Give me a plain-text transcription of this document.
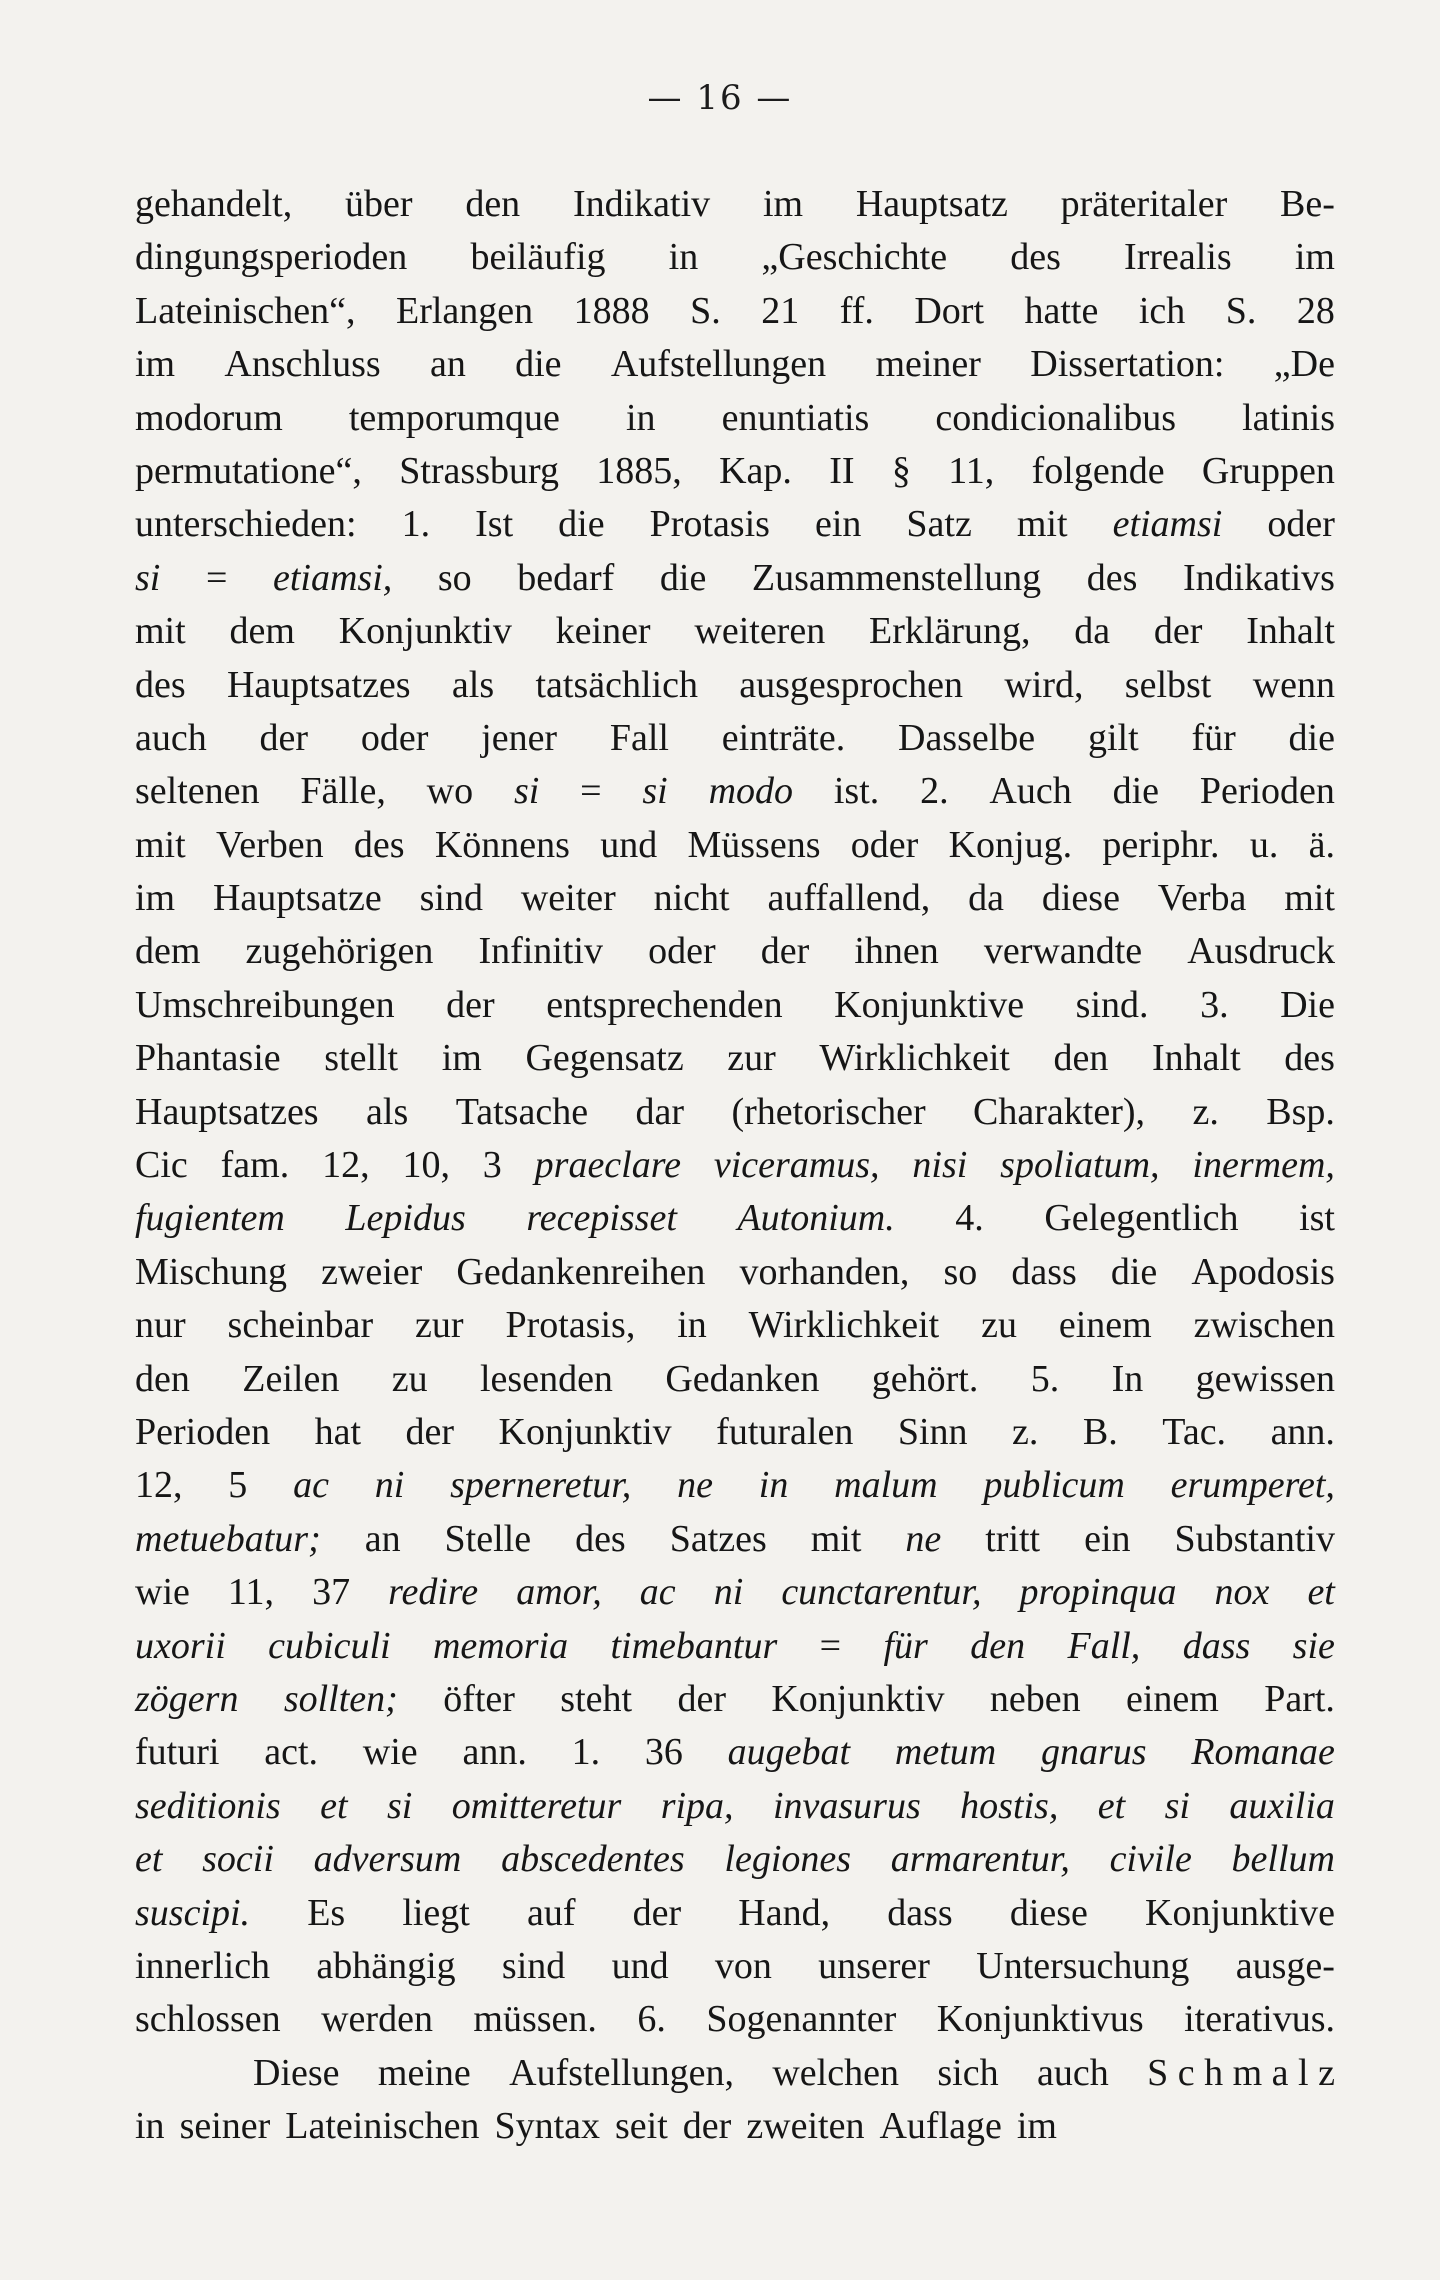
— 16 —
gehandelt, über den Indikativ im Hauptsatz präteritaler Be-
dingungsperioden beiläufig in „Geschichte des Irrealis im
Lateinischen“, Erlangen 1888 S. 21 ff. Dort hatte ich S. 28
im Anschluss an die Aufstellungen meiner Dissertation: „De
modorum temporumque in enuntiatis condicionalibus latinis
permutatione“, Strassburg 1885, Kap. II § 11, folgende Gruppen
unterschieden: 1. Ist die Protasis ein Satz mit etiamsi oder
si = etiamsi, so bedarf die Zusammenstellung des Indikativs
mit dem Konjunktiv keiner weiteren Erklärung, da der Inhalt
des Hauptsatzes als tatsächlich ausgesprochen wird, selbst wenn
auch der oder jener Fall einträte. Dasselbe gilt für die
seltenen Fälle, wo si = si modo ist. 2. Auch die Perioden
mit Verben des Könnens und Müssens oder Konjug. periphr. u. ä.
im Hauptsatze sind weiter nicht auffallend, da diese Verba mit
dem zugehörigen Infinitiv oder der ihnen verwandte Ausdruck
Umschreibungen der entsprechenden Konjunktive sind. 3. Die
Phantasie stellt im Gegensatz zur Wirklichkeit den Inhalt des
Hauptsatzes als Tatsache dar (rhetorischer Charakter), z. Bsp.
Cic fam. 12, 10, 3 praeclare viceramus, nisi spoliatum, inermem,
fugientem Lepidus recepisset Autonium. 4. Gelegentlich ist
Mischung zweier Gedankenreihen vorhanden, so dass die Apodosis
nur scheinbar zur Protasis, in Wirklichkeit zu einem zwischen
den Zeilen zu lesenden Gedanken gehört. 5. In gewissen
Perioden hat der Konjunktiv futuralen Sinn z. B. Tac. ann.
12, 5 ac ni sperneretur, ne in malum publicum erumperet,
metuebatur; an Stelle des Satzes mit ne tritt ein Substantiv
wie 11, 37 redire amor, ac ni cunctarentur, propinqua nox et
uxorii cubiculi memoria timebantur = für den Fall, dass sie
zögern sollten; öfter steht der Konjunktiv neben einem Part.
futuri act. wie ann. 1. 36 augebat metum gnarus Romanae
seditionis et si omitteretur ripa, invasurus hostis, et si auxilia
et socii adversum abscedentes legiones armarentur, civile bellum
suscipi. Es liegt auf der Hand, dass diese Konjunktive
innerlich abhängig sind und von unserer Untersuchung ausge-
schlossen werden müssen. 6. Sogenannter Konjunktivus iterativus.
Diese meine Aufstellungen, welchen sich auch S c h m a l z
in seiner Lateinischen Syntax seit der zweiten Auflage im
